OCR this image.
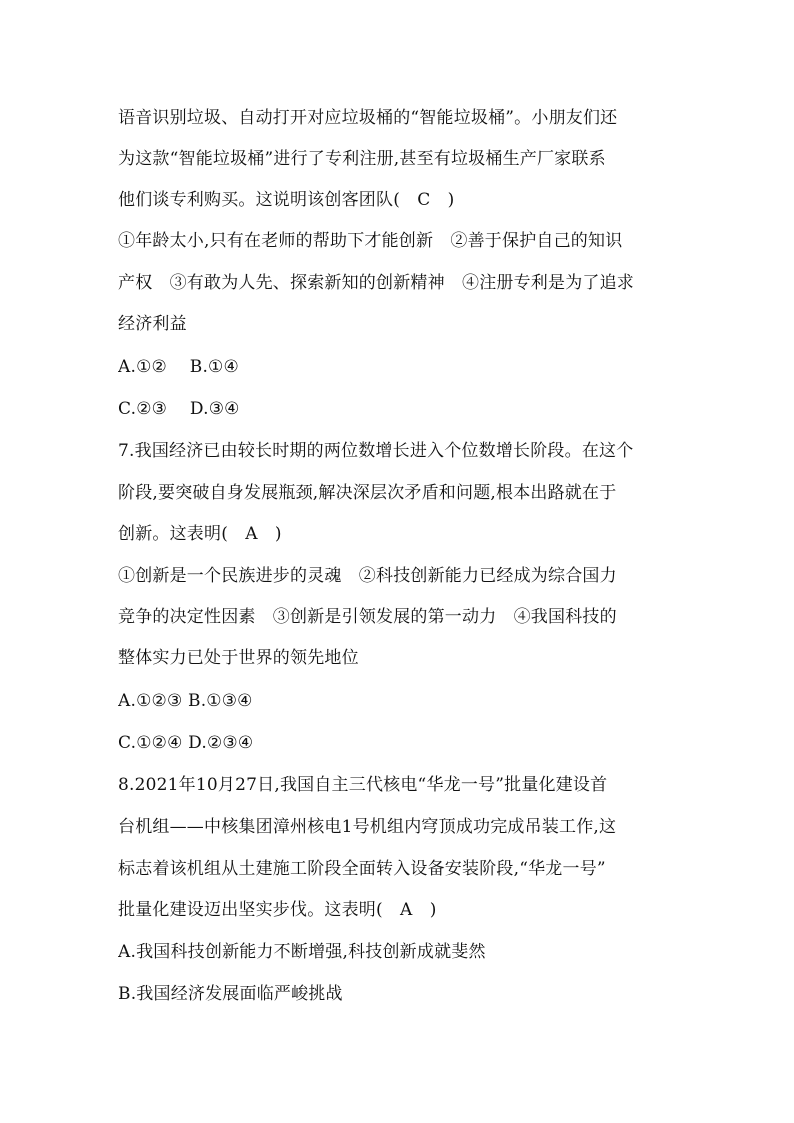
语音识别垃圾、自动打开对应垃圾桶的“智能垃圾桶”。小朋友们还
为这款“智能垃圾桶”进行了专利注册,甚至有垃圾桶生产厂家联系
他们谈专利购买。这说明该创客团队(　C　)
①年龄太小,只有在老师的帮助下才能创新　②善于保护自己的知识
产权　③有敢为人先、探索新知的创新精神　④注册专利是为了追求
经济利益
A.①②　 B.①④
C.②③　 D.③④
7.我国经济已由较长时期的两位数增长进入个位数增长阶段。在这个
阶段,要突破自身发展瓶颈,解决深层次矛盾和问题,根本出路就在于
创新。这表明(　A　)
①创新是一个民族进步的灵魂　②科技创新能力已经成为综合国力
竞争的决定性因素　③创新是引领发展的第一动力　④我国科技的
整体实力已处于世界的领先地位
A.①②③ B.①③④
C.①②④ D.②③④
8.2021年10月27日,我国自主三代核电“华龙一号”批量化建设首
台机组——中核集团漳州核电1号机组内穹顶成功完成吊装工作,这
标志着该机组从土建施工阶段全面转入设备安装阶段,“华龙一号”
批量化建设迈出坚实步伐。这表明(　A　)
A.我国科技创新能力不断增强,科技创新成就斐然
B.我国经济发展面临严峻挑战
